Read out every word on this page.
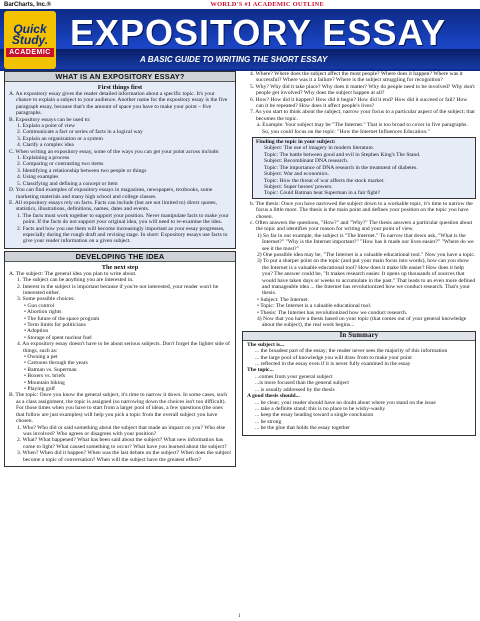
BarCharts, Inc.®	WORLD'S #1 ACADEMIC OUTLINE
Quick
Study.
ACADEMIC EXPOSITORY ESSAY
A BASIC GUIDE TO WRITING THE SHORT ESSAY
WHAT IS AN EXPOSITORY ESSAY?
First things first

A. An expository essay gives the reader detailed information about a specific topic. It's your chance to explain a subject to your audience. Another name for the expository essay is the five paragraph essay, because that's the amount of space you have to make your point – five paragraphs.

B. Expository essays can be used to:

1. Explain a point of view

2. Communicate a fact or series of facts in a logical way

3. Explain an organization or a system

4. Clarify a complex idea

C. When writing an expository essay, some of the ways you can get your point across include:

1. Explaining a process

2. Comparing or contrasting two items

3. Identifying a relationship between two people or things

4. Using examples

5. Classifying and defining a concept or item

D. You can find examples of expository essays in magazines, newspapers, textbooks, some marketing materials and many high school and college classes.

E. All expository essays rely on facts. Facts can include (but are not limited to) direct quotes, statistics, illustrations, definitions, names, dates and events.

1. The facts must work together to support your position. Never manipulate facts to make your point. If the facts do not support your original idea, you will need to re-examine the idea.

2. Facts and how you use them will become increasingly important as your essay progresses, especially during the rough draft and revising stage. In short: Expository essays use facts to give your reader information on a given subject.

DEVELOPING THE IDEA
The next step

A. The subject: The general idea you plan to write about.

1. The subject can be anything you are interested in.

2. Interest in the subject is important because if you're not interested, your reader won't be interested either.

3. Some possible choices:

• Gun control

• Abortion rights

• The future of the space program

• Term limits for politicians

• Adoption

• Storage of spent nuclear fuel

4. An expository essay doesn't have to be about serious subjects. Don't forget the lighter side of things, such as:

• Owning a pet

• Cartoons through the years

• Batman vs. Superman

• Boxers vs. briefs

• Mountain biking

• Playing golf

B. The topic: Once you know the general subject, it's time to narrow it down. In some cases, such as a class assignment, the topic is assigned (so narrowing down the choices isn't too difficult). For those times when you have to start from a larger pool of ideas, a few questions (the ones that follow are just examples) will help you pick a topic from the overall subject you have chosen.

1. Who? Who did or said something about the subject that made an impact on you? Who else was involved? Who agrees or disagrees with your position?

2. What? What happened? What has been said about the subject? What new information has come to light? What caused something to occur? What have you learned about the subject?

3. When? When did it happen? When was the last debate on the subject? When does the subject become a topic of conversation? When will the subject have the greatest effect?

4. Where? Where does the subject affect the most people? Where does it happen? Where was it successful? Where was it a failure? Where is the subject struggling for recognition?

5. Why? Why did it take place? Why does it matter? Why do people need to be involved? Why don't people get involved? Why does the subject happen at all?

6. How? How did it happen? How did it begin? How did it end? How did it succeed or fail? How can it be repeated? How does it affect people's lives?

7. As you start to think about the subject, narrow your focus to a particular aspect of the subject; that becomes the topic.

a. Example: Your subject may be "The Internet." That is too broad to cover in five paragraphs. So, you could focus on the topic: "How the Internet Influences Education."

Finding the topic in your subject:

Subject: The use of imagery in modern literature.

Topic: The battle between good and evil in Stephen King's The Stand.

Subject: Recombinant DNA research.

Topic: The importance of DNA research in the treatment of diabetes.

Subject: War and economics.

Topic: How the threat of war affects the stock market.

Subject: Super heroes' powers.

Topic: Could Batman beat Superman in a fair fight?

b. The thesis: Once you have narrowed the subject down to a workable topic, it's time to narrow the focus a little more. The thesis is the main point and defines your position on the topic you have chosen.

c. Often answers the questions, "How?" and "Why?" The thesis answers a particular question about the topic and identifies your reason for writing and your point of view.

1) So far in our example, the subject is "The Internet." To narrow that down ask, "What is the Internet?" "Why is the Internet important?" "How has it made our lives easier?" "Where do we see it the most?"

2) One possible idea may be, "The Internet is a valuable educational tool." Now you have a topic.

3) To put a sharper point on the topic (and put your main focus into words), how can you show the Internet is a valuable educational tool? How does it make life easier? How does it help you? The answer could be, "It makes research easier. It opens up thousands of sources that would have taken days or weeks to accumulate in the past." That leads to an even more defined and manageable idea ... the Internet has revolutionized how we conduct research. That's your thesis.

• Subject: The Internet.

• Topic: The Internet is a valuable educational tool.

• Thesis: The Internet has revolutionized how we conduct research.

4) Now that you have a thesis based on your topic (that comes out of your general knowledge about the subject), the real work begins...

In Summary

The subject is...

... the broadest part of the essay; the reader never sees the majority of this information

... the large pool of knowledge you will draw from to make your point

... reflected in the essay even if it is never fully examined in the essay

The topic...

...comes from your general subject

...is more focused than the general subject

... is usually addressed by the thesis

A good thesis should...

... be clear; your reader should have no doubt about where you stand on the issue

... take a definite stand; this is no place to be wishy-washy

... keep the essay heading toward a single conclusion

... be strong

... be the glue that holds the essay together

1
